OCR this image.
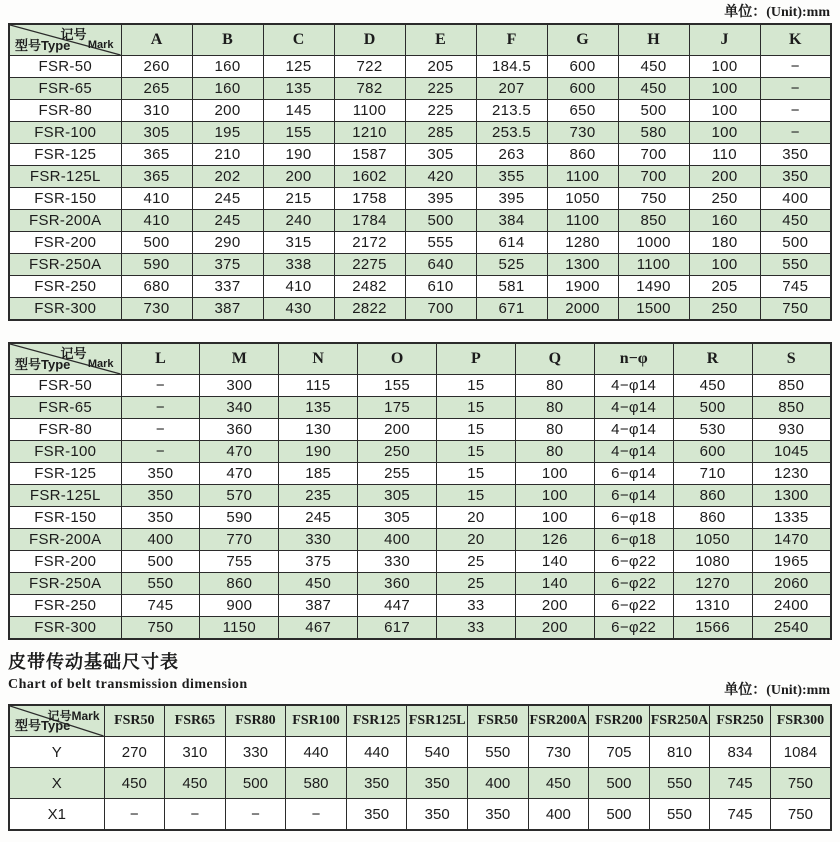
单位：(Unit):mm
记号
Mark
型号Type	A	B	C	D	E	F	G	H	J	K
FSR-50	260	160	125	722	205	184.5	600	450	100	−
FSR-65	265	160	135	782	225	207	600	450	100	−
FSR-80	310	200	145	1100	225	213.5	650	500	100	−
FSR-100	305	195	155	1210	285	253.5	730	580	100	−
FSR-125	365	210	190	1587	305	263	860	700	110	350
FSR-125L	365	202	200	1602	420	355	1100	700	200	350
FSR-150	410	245	215	1758	395	395	1050	750	250	400
FSR-200A	410	245	240	1784	500	384	1100	850	160	450
FSR-200	500	290	315	2172	555	614	1280	1000	180	500
FSR-250A	590	375	338	2275	640	525	1300	1100	100	550
FSR-250	680	337	410	2482	610	581	1900	1490	205	745
FSR-300	730	387	430	2822	700	671	2000	1500	250	750
记号
Mark
型号Type	L	M	N	O	P	Q	n−φ	R	S
FSR-50	−	300	115	155	15	80	4−φ14	450	850
FSR-65	−	340	135	175	15	80	4−φ14	500	850
FSR-80	−	360	130	200	15	80	4−φ14	530	930
FSR-100	−	470	190	250	15	80	4−φ14	600	1045
FSR-125	350	470	185	255	15	100	6−φ14	710	1230
FSR-125L	350	570	235	305	15	100	6−φ14	860	1300
FSR-150	350	590	245	305	20	100	6−φ18	860	1335
FSR-200A	400	770	330	400	20	126	6−φ18	1050	1470
FSR-200	500	755	375	330	25	140	6−φ22	1080	1965
FSR-250A	550	860	450	360	25	140	6−φ22	1270	2060
FSR-250	745	900	387	447	33	200	6−φ22	1310	2400
FSR-300	750	1150	467	617	33	200	6−φ22	1566	2540
皮带传动基础尺寸表
Chart of belt transmission dimension	单位：(Unit):mm
记号Mark
型号Type	FSR50	FSR65	FSR80	FSR100	FSR125	FSR125L	FSR50	FSR200A	FSR200	FSR250A	FSR250	FSR300
Y	270	310	330	440	440	540	550	730	705	810	834	1084
X	450	450	500	580	350	350	400	450	500	550	745	750
X1	−	−	−	−	350	350	350	400	500	550	745	750
